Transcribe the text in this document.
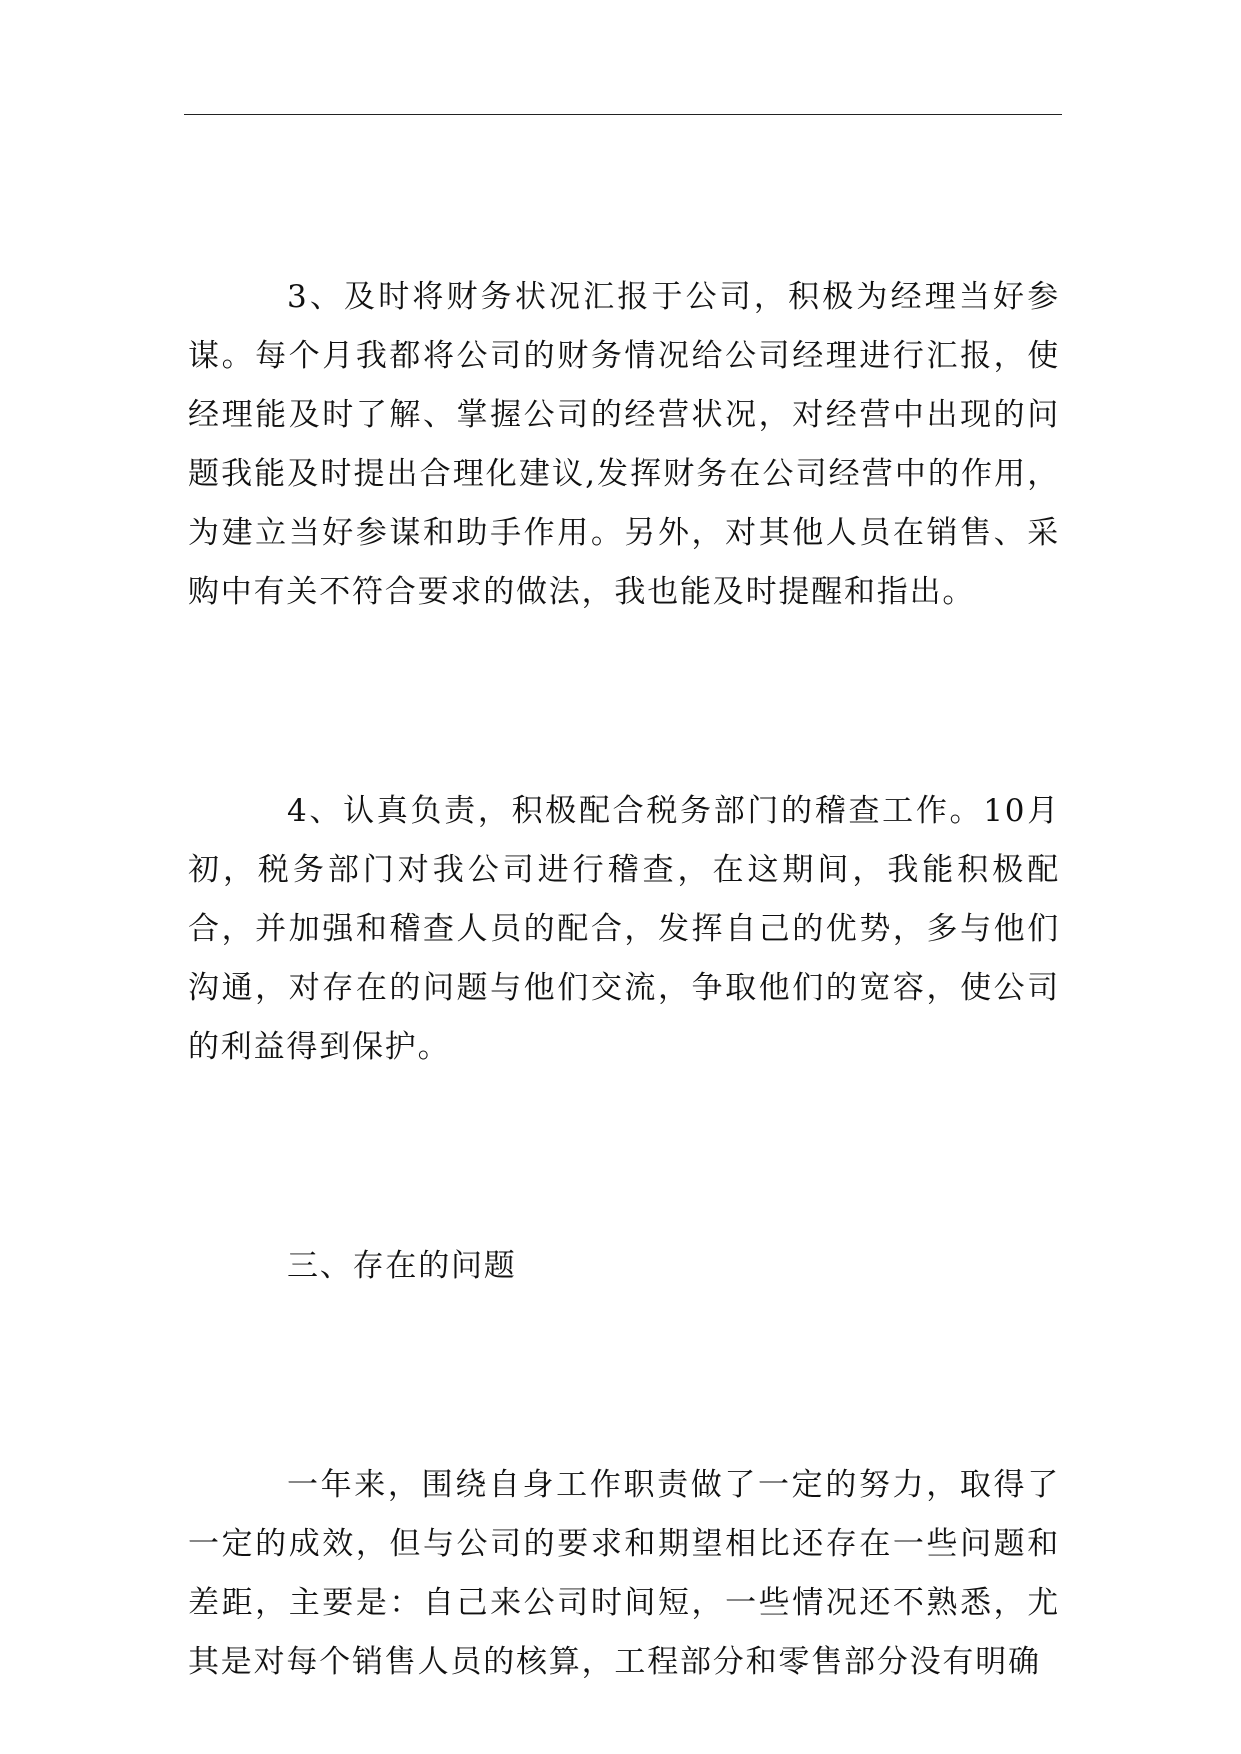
3、及时将财务状况汇报于公司，积极为经理当好参谋。每个月我都将公司的财务情况给公司经理进行汇报，使经理能及时了解、掌握公司的经营状况，对经营中出现的问题我能及时提出合理化建议,发挥财务在公司经营中的作用，为建立当好参谋和助手作用。另外，对其他人员在销售、采购中有关不符合要求的做法，我也能及时提醒和指出。

4、认真负责，积极配合税务部门的稽查工作。10月初，税务部门对我公司进行稽查，在这期间，我能积极配合，并加强和稽查人员的配合，发挥自己的优势，多与他们沟通，对存在的问题与他们交流，争取他们的宽容，使公司的利益得到保护。

三、存在的问题

一年来，围绕自身工作职责做了一定的努力，取得了一定的成效，但与公司的要求和期望相比还存在一些问题和差距，主要是：自己来公司时间短，一些情况还不熟悉，尤其是对每个销售人员的核算，工程部分和零售部分没有明确
